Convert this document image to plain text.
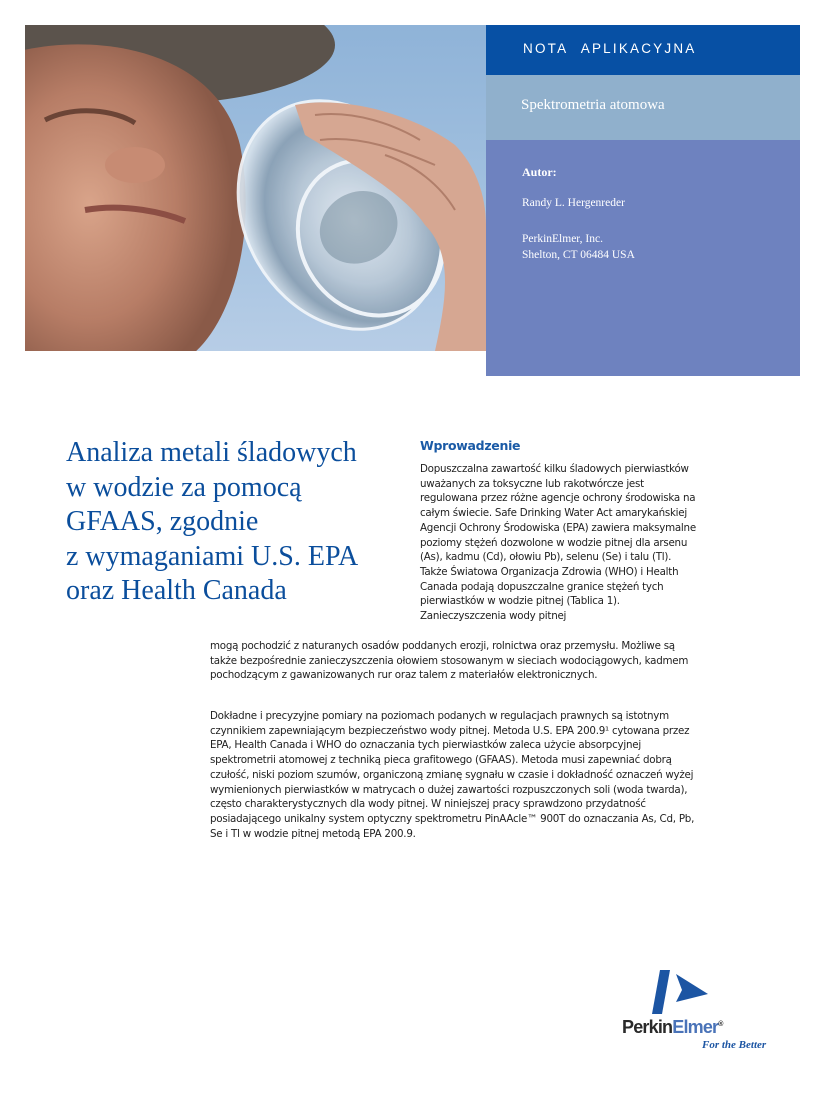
NOTA APLIKACYJNA
Spektrometria atomowa
Autor:
Randy L. Hergenreder
PerkinElmer, Inc.
Shelton, CT 06484 USA
Analiza metali śladowych
w wodzie za pomocą
GFAAS, zgodnie
z wymaganiami U.S. EPA
oraz Health Canada
Wprowadzenie

Dopuszczalna zawartość kilku śladowych pierwiastków uważanych za toksyczne lub rakotwórcze jest regulowana przez różne agencje ochrony środowiska na całym świecie. Safe Drinking Water Act amarykańskiej Agencji Ochrony Środowiska (EPA) zawiera maksymalne poziomy stężeń dozwolone w wodzie pitnej dla arsenu (As), kadmu (Cd), ołowiu Pb), selenu (Se) i talu (Tl). Także Światowa Organizacja Zdrowia (WHO) i Health Canada podają dopuszczalne granice stężeń tych pierwiastków w wodzie pitnej (Tablica 1). Zanieczyszczenia wody pitnej

mogą pochodzić z naturanych osadów poddanych erozji, rolnictwa oraz przemysłu. Możliwe są także bezpośrednie zanieczyszczenia ołowiem stosowanym w sieciach wodociągowych, kadmem pochodzącym z gawanizowanych rur oraz talem z materiałów elektronicznych.

Dokładne i precyzyjne pomiary na poziomach podanych w regulacjach prawnych są istotnym czynnikiem zapewniającym bezpieczeństwo wody pitnej. Metoda U.S. EPA 200.9¹ cytowana przez EPA, Health Canada i WHO do oznaczania tych pierwiastków zaleca użycie absorpcyjnej spektrometrii atomowej z techniką pieca grafitowego (GFAAS). Metoda musi zapewniać dobrą czułość, niski poziom szumów, organiczoną zmianę sygnału w czasie i dokładność oznaczeń wyżej wymienionych pierwiastków w matrycach o dużej zawartości rozpuszczonych soli (woda twarda), często charakterystycznych dla wody pitnej. W niniejszej pracy sprawdzono przydatność posiadającego unikalny system optyczny spektrometru PinAAcle™ 900T do oznaczania As, Cd, Pb, Se i Tl w wodzie pitnej metodą EPA 200.9.

PerkinElmer®
For the Better
